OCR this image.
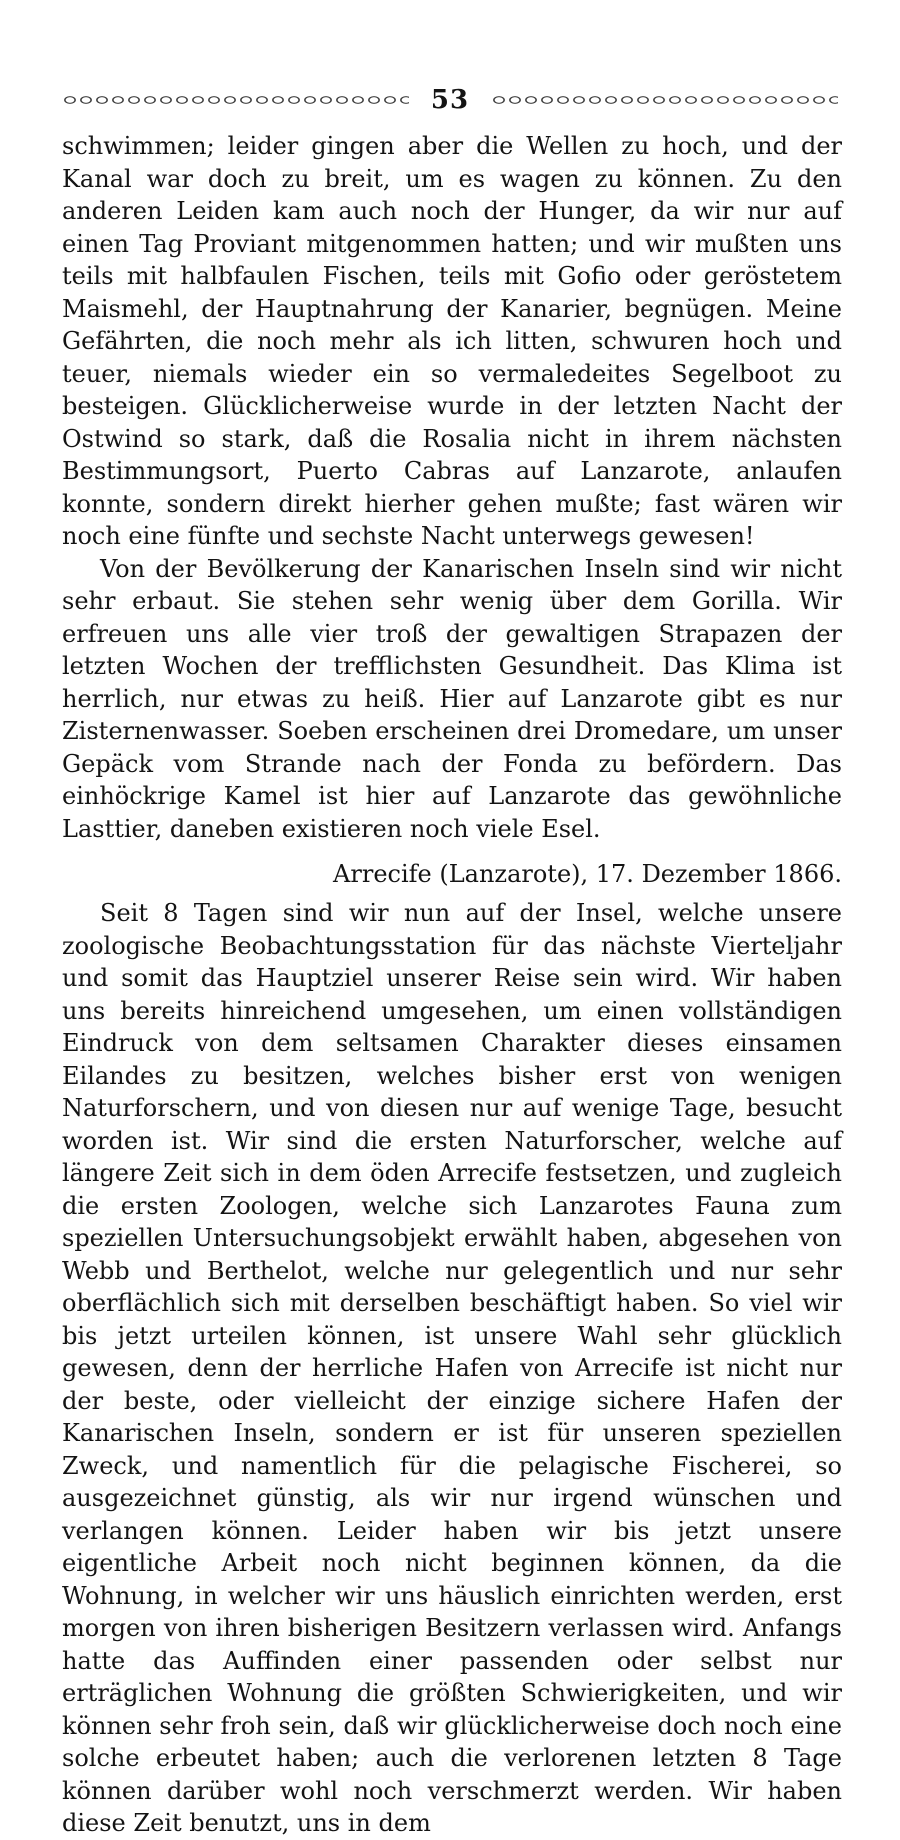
53

schwimmen; leider gingen aber die Wellen zu hoch, und der Kanal war doch zu breit, um es wagen zu können. Zu den anderen Leiden kam auch noch der Hunger, da wir nur auf einen Tag Proviant mitgenommen hatten; und wir mußten uns teils mit halbfaulen Fischen, teils mit Gofio oder geröstetem Maismehl, der Hauptnahrung der Kanarier, begnügen. Meine Gefährten, die noch mehr als ich litten, schwuren hoch und teuer, niemals wieder ein so vermaledeites Segelboot zu besteigen. Glücklicherweise wurde in der letzten Nacht der Ostwind so stark, daß die Rosalia nicht in ihrem nächsten Bestimmungsort, Puerto Cabras auf Lanzarote, anlaufen konnte, sondern direkt hierher gehen mußte; fast wären wir noch eine fünfte und sechste Nacht unterwegs gewesen!

Von der Bevölkerung der Kanarischen Inseln sind wir nicht sehr erbaut. Sie stehen sehr wenig über dem Gorilla. Wir erfreuen uns alle vier troß der gewaltigen Strapazen der letzten Wochen der trefflichsten Gesundheit. Das Klima ist herrlich, nur etwas zu heiß. Hier auf Lanzarote gibt es nur Zisternenwasser. Soeben erscheinen drei Dromedare, um unser Gepäck vom Strande nach der Fonda zu befördern. Das einhöckrige Kamel ist hier auf Lanzarote das gewöhnliche Lasttier, daneben existieren noch viele Esel.

Arrecife (Lanzarote), 17. Dezember 1866.

Seit 8 Tagen sind wir nun auf der Insel, welche unsere zoologische Beobachtungsstation für das nächste Vierteljahr und somit das Hauptziel unserer Reise sein wird. Wir haben uns bereits hinreichend umgesehen, um einen vollständigen Eindruck von dem seltsamen Charakter dieses einsamen Eilandes zu besitzen, welches bisher erst von wenigen Naturforschern, und von diesen nur auf wenige Tage, besucht worden ist. Wir sind die ersten Naturforscher, welche auf längere Zeit sich in dem öden Arrecife festsetzen, und zugleich die ersten Zoologen, welche sich Lanzarotes Fauna zum speziellen Untersuchungsobjekt erwählt haben, abgesehen von Webb und Berthelot, welche nur gelegentlich und nur sehr oberflächlich sich mit derselben beschäftigt haben. So viel wir bis jetzt urteilen können, ist unsere Wahl sehr glücklich gewesen, denn der herrliche Hafen von Arrecife ist nicht nur der beste, oder vielleicht der einzige sichere Hafen der Kanarischen Inseln, sondern er ist für unseren speziellen Zweck, und namentlich für die pelagische Fischerei, so ausgezeichnet günstig, als wir nur irgend wünschen und verlangen können. Leider haben wir bis jetzt unsere eigentliche Arbeit noch nicht beginnen können, da die Wohnung, in welcher wir uns häuslich einrichten werden, erst morgen von ihren bisherigen Besitzern verlassen wird. Anfangs hatte das Auffinden einer passenden oder selbst nur erträglichen Wohnung die größten Schwierigkeiten, und wir können sehr froh sein, daß wir glücklicherweise doch noch eine solche erbeutet haben; auch die verlorenen letzten 8 Tage können darüber wohl noch verschmerzt werden. Wir haben diese Zeit benutzt, uns in dem
